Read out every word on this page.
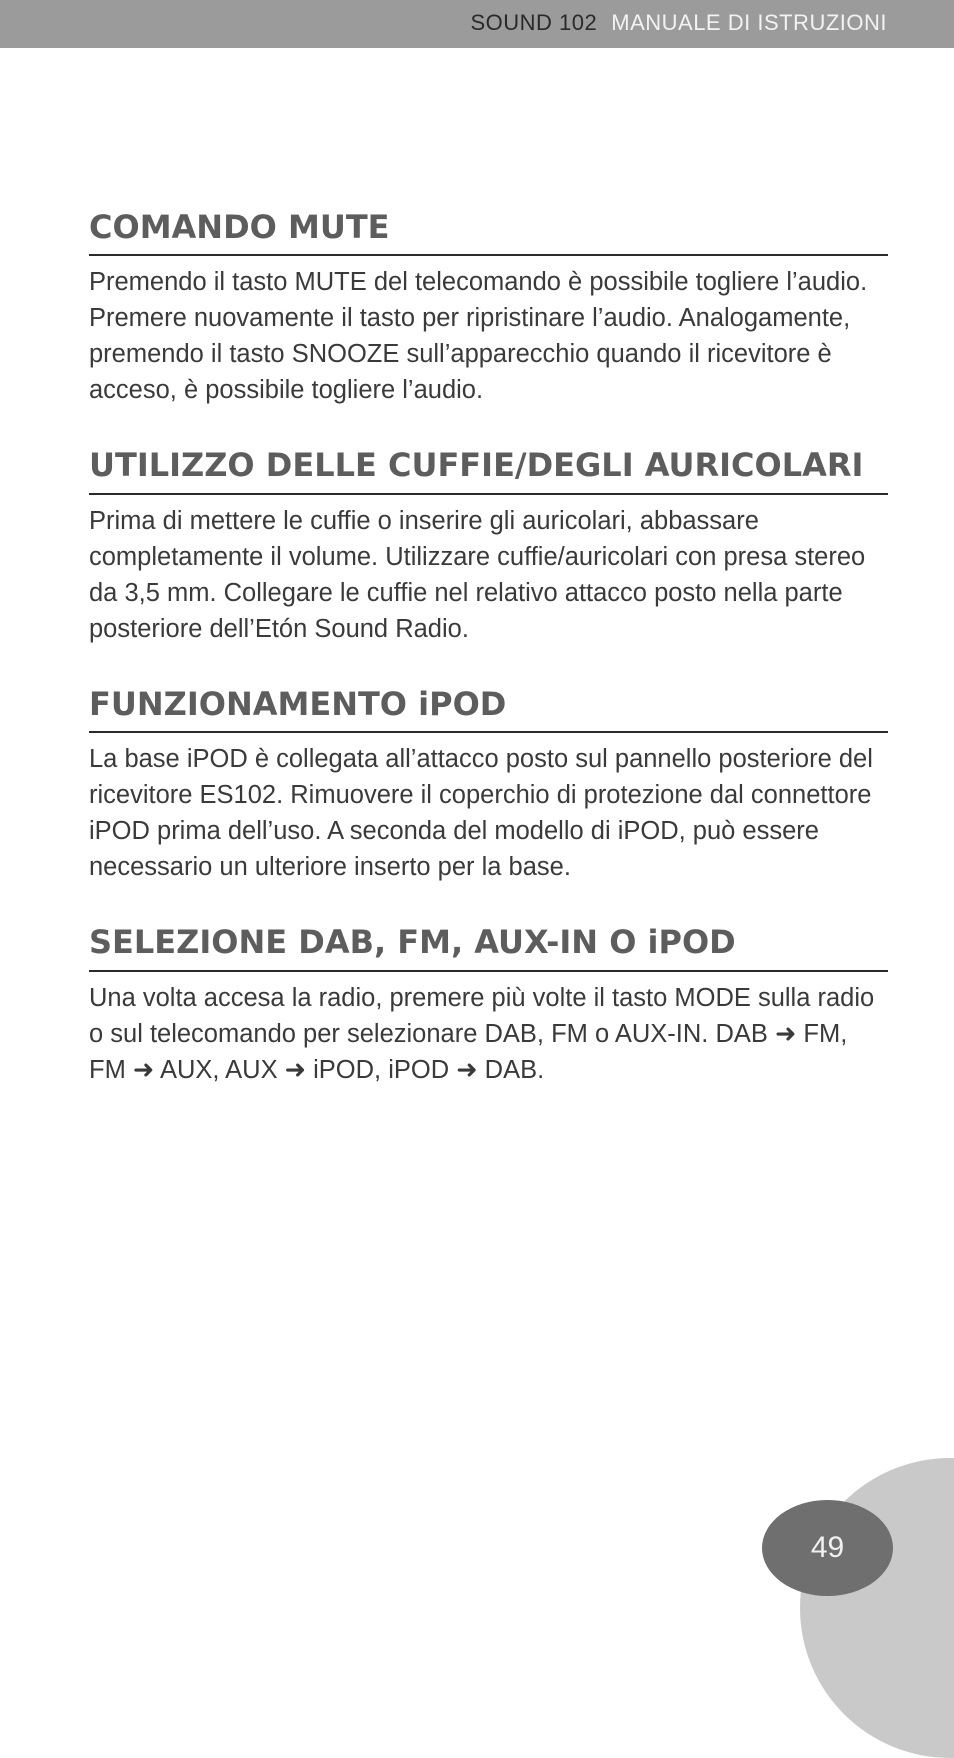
SOUND 102 MANUALE DI ISTRUZIONI
COMANDO MUTE

Premendo il tasto MUTE del telecomando è possibile togliere l’audio. Premere nuovamente il tasto per ripristinare l’audio. Analogamente, premendo il tasto SNOOZE sull’apparecchio quando il ricevitore è acceso, è possibile togliere l’audio.

UTILIZZO DELLE CUFFIE/DEGLI AURICOLARI

Prima di mettere le cuffie o inserire gli auricolari, abbassare completamente il volume. Utilizzare cuffie/auricolari con presa stereo da 3,5 mm. Collegare le cuffie nel relativo attacco posto nella parte posteriore dell’Etón Sound Radio.

FUNZIONAMENTO iPOD

La base iPOD è collegata all’attacco posto sul pannello posteriore del ricevitore ES102. Rimuovere il coperchio di protezione dal connettore iPOD prima dell’uso. A seconda del modello di iPOD, può essere necessario un ulteriore inserto per la base.

SELEZIONE DAB, FM, AUX-IN O iPOD

Una volta accesa la radio, premere più volte il tasto MODE sulla radio o sul telecomando per selezionare DAB, FM o AUX-IN. DAB ➜ FM, FM ➜ AUX, AUX ➜ iPOD, iPOD ➜ DAB.

49
